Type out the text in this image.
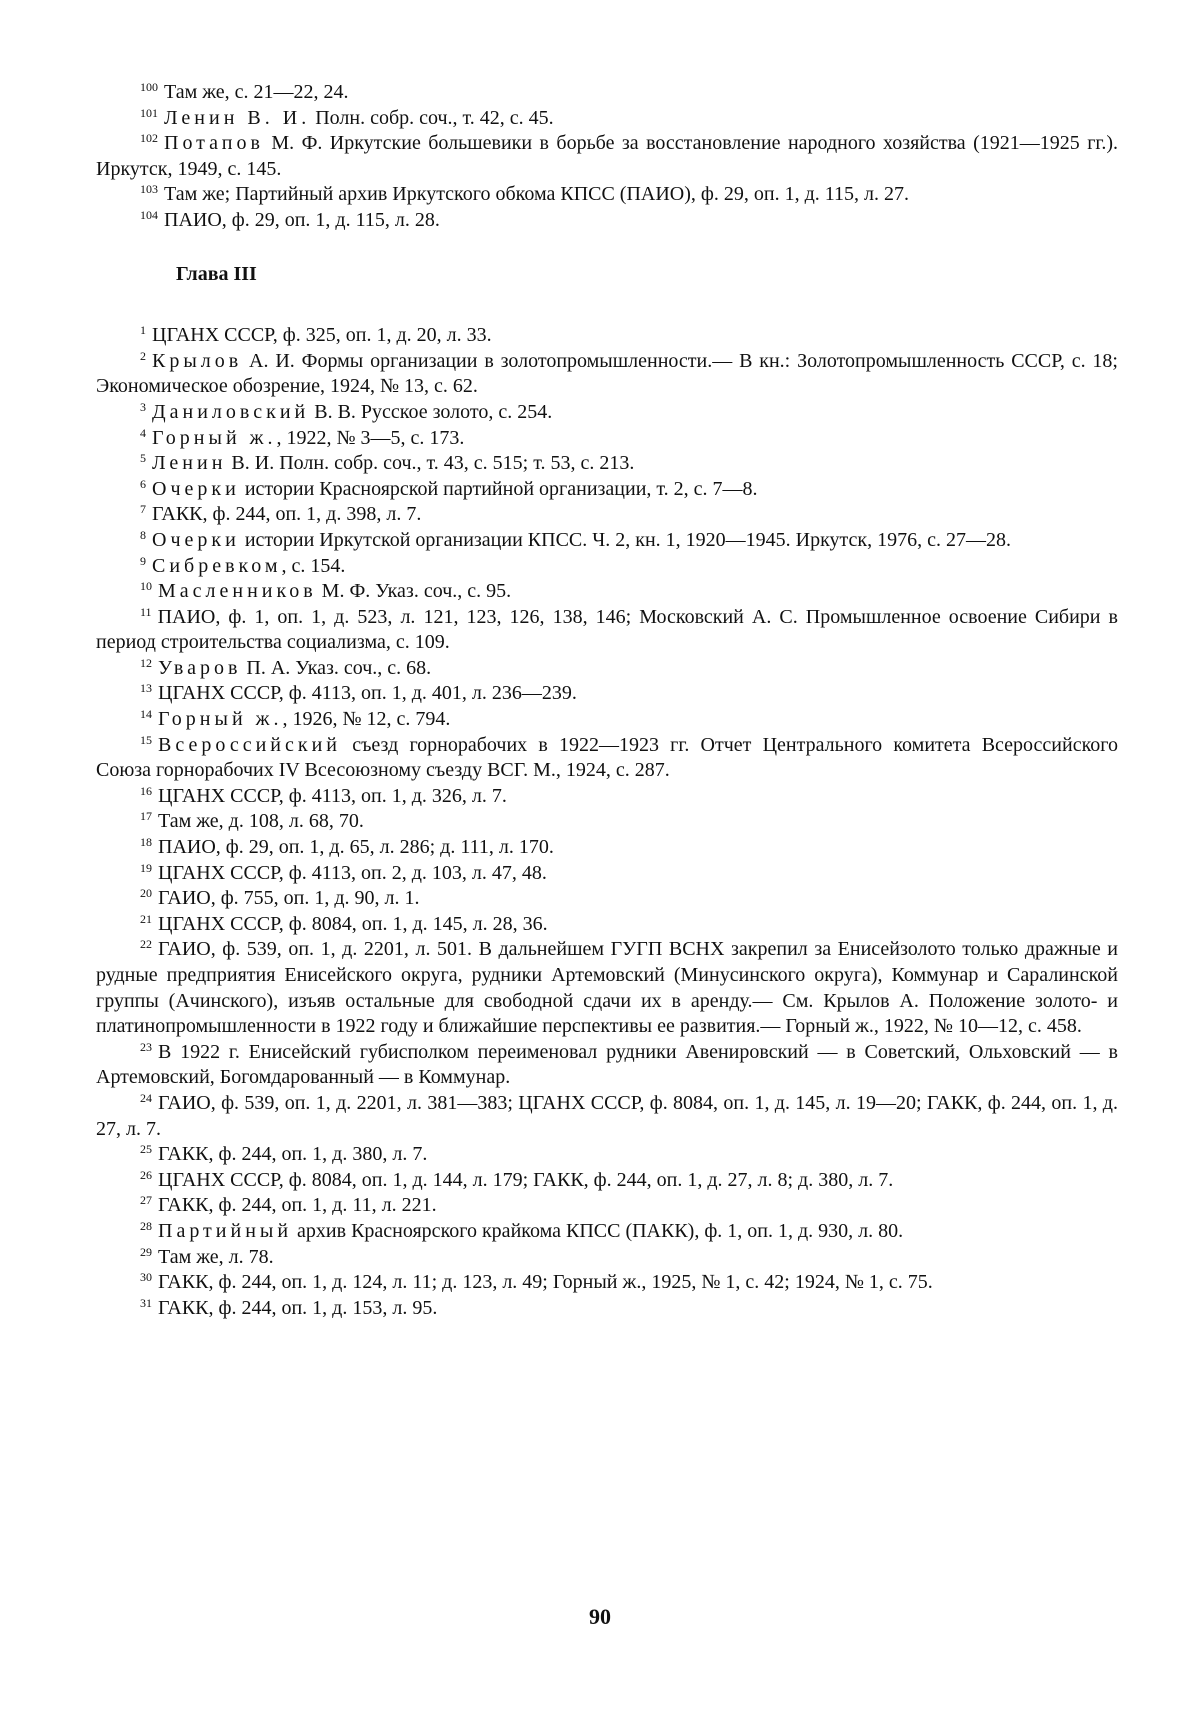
$^{100}$ Там же, с. 21—22, 24.

$^{101}$ Ленин В. И. Полн. собр. соч., т. 42, с. 45.

$^{102}$ Потапов М. Ф. Иркутские большевики в борьбе за восстановление народного хозяйства (1921—1925 гг.). Иркутск, 1949, с. 145.

$^{103}$ Там же; Партийный архив Иркутского обкома КПСС (ПАИО), ф. 29, оп. 1, д. 115, л. 27.

$^{104}$ ПАИО, ф. 29, оп. 1, д. 115, л. 28.

Глава III

$^1$ ЦГАНХ СССР, ф. 325, оп. 1, д. 20, л. 33.

$^2$ Крылов А. И. Формы организации в золотопромышленности.— В кн.: Золотопромышленность СССР, с. 18; Экономическое обозрение, 1924, № 13, с. 62.

$^3$ Даниловский В. В. Русское золото, с. 254.

$^4$ Горный ж., 1922, № 3—5, с. 173.

$^5$ Ленин В. И. Полн. собр. соч., т. 43, с. 515; т. 53, с. 213.

$^6$ Очерки истории Красноярской партийной организации, т. 2, с. 7—8.

$^7$ ГАКК, ф. 244, оп. 1, д. 398, л. 7.

$^8$ Очерки истории Иркутской организации КПСС. Ч. 2, кн. 1, 1920—1945. Иркутск, 1976, с. 27—28.

$^9$ Сибревком, с. 154.

$^{10}$ Масленников М. Ф. Указ. соч., с. 95.

$^{11}$ ПАИО, ф. 1, оп. 1, д. 523, л. 121, 123, 126, 138, 146; Московский А. С. Промышленное освоение Сибири в период строительства социализма, с. 109.

$^{12}$ Уваров П. А. Указ. соч., с. 68.

$^{13}$ ЦГАНХ СССР, ф. 4113, оп. 1, д. 401, л. 236—239.

$^{14}$ Горный ж., 1926, № 12, с. 794.

$^{15}$ Всероссийский съезд горнорабочих в 1922—1923 гг. Отчет Центрального комитета Всероссийского Союза горнорабочих IV Всесоюзному съезду ВСГ. М., 1924, с. 287.

$^{16}$ ЦГАНХ СССР, ф. 4113, оп. 1, д. 326, л. 7.

$^{17}$ Там же, д. 108, л. 68, 70.

$^{18}$ ПАИО, ф. 29, оп. 1, д. 65, л. 286; д. 111, л. 170.

$^{19}$ ЦГАНХ СССР, ф. 4113, оп. 2, д. 103, л. 47, 48.

$^{20}$ ГАИО, ф. 755, оп. 1, д. 90, л. 1.

$^{21}$ ЦГАНХ СССР, ф. 8084, оп. 1, д. 145, л. 28, 36.

$^{22}$ ГАИО, ф. 539, оп. 1, д. 2201, л. 501. В дальнейшем ГУГП ВСНХ закрепил за Енисейзолото только дражные и рудные предприятия Енисейского округа, рудники Артемовский (Минусинского округа), Коммунар и Саралинской группы (Ачинского), изъяв остальные для свободной сдачи их в аренду.— См. Крылов А. Положение золото- и платинопромышленности в 1922 году и ближайшие перспективы ее развития.— Горный ж., 1922, № 10—12, с. 458.

$^{23}$ В 1922 г. Енисейский губисполком переименовал рудники Авенировский — в Советский, Ольховский — в Артемовский, Богомдарованный — в Коммунар.

$^{24}$ ГАИО, ф. 539, оп. 1, д. 2201, л. 381—383; ЦГАНХ СССР, ф. 8084, оп. 1, д. 145, л. 19—20; ГАКК, ф. 244, оп. 1, д. 27, л. 7.

$^{25}$ ГАКК, ф. 244, оп. 1, д. 380, л. 7.

$^{26}$ ЦГАНХ СССР, ф. 8084, оп. 1, д. 144, л. 179; ГАКК, ф. 244, оп. 1, д. 27, л. 8; д. 380, л. 7.

$^{27}$ ГАКК, ф. 244, оп. 1, д. 11, л. 221.

$^{28}$ Партийный архив Красноярского крайкома КПСС (ПАКК), ф. 1, оп. 1, д. 930, л. 80.

$^{29}$ Там же, л. 78.

$^{30}$ ГАКК, ф. 244, оп. 1, д. 124, л. 11; д. 123, л. 49; Горный ж., 1925, № 1, с. 42; 1924, № 1, с. 75.

$^{31}$ ГАКК, ф. 244, оп. 1, д. 153, л. 95.

90
